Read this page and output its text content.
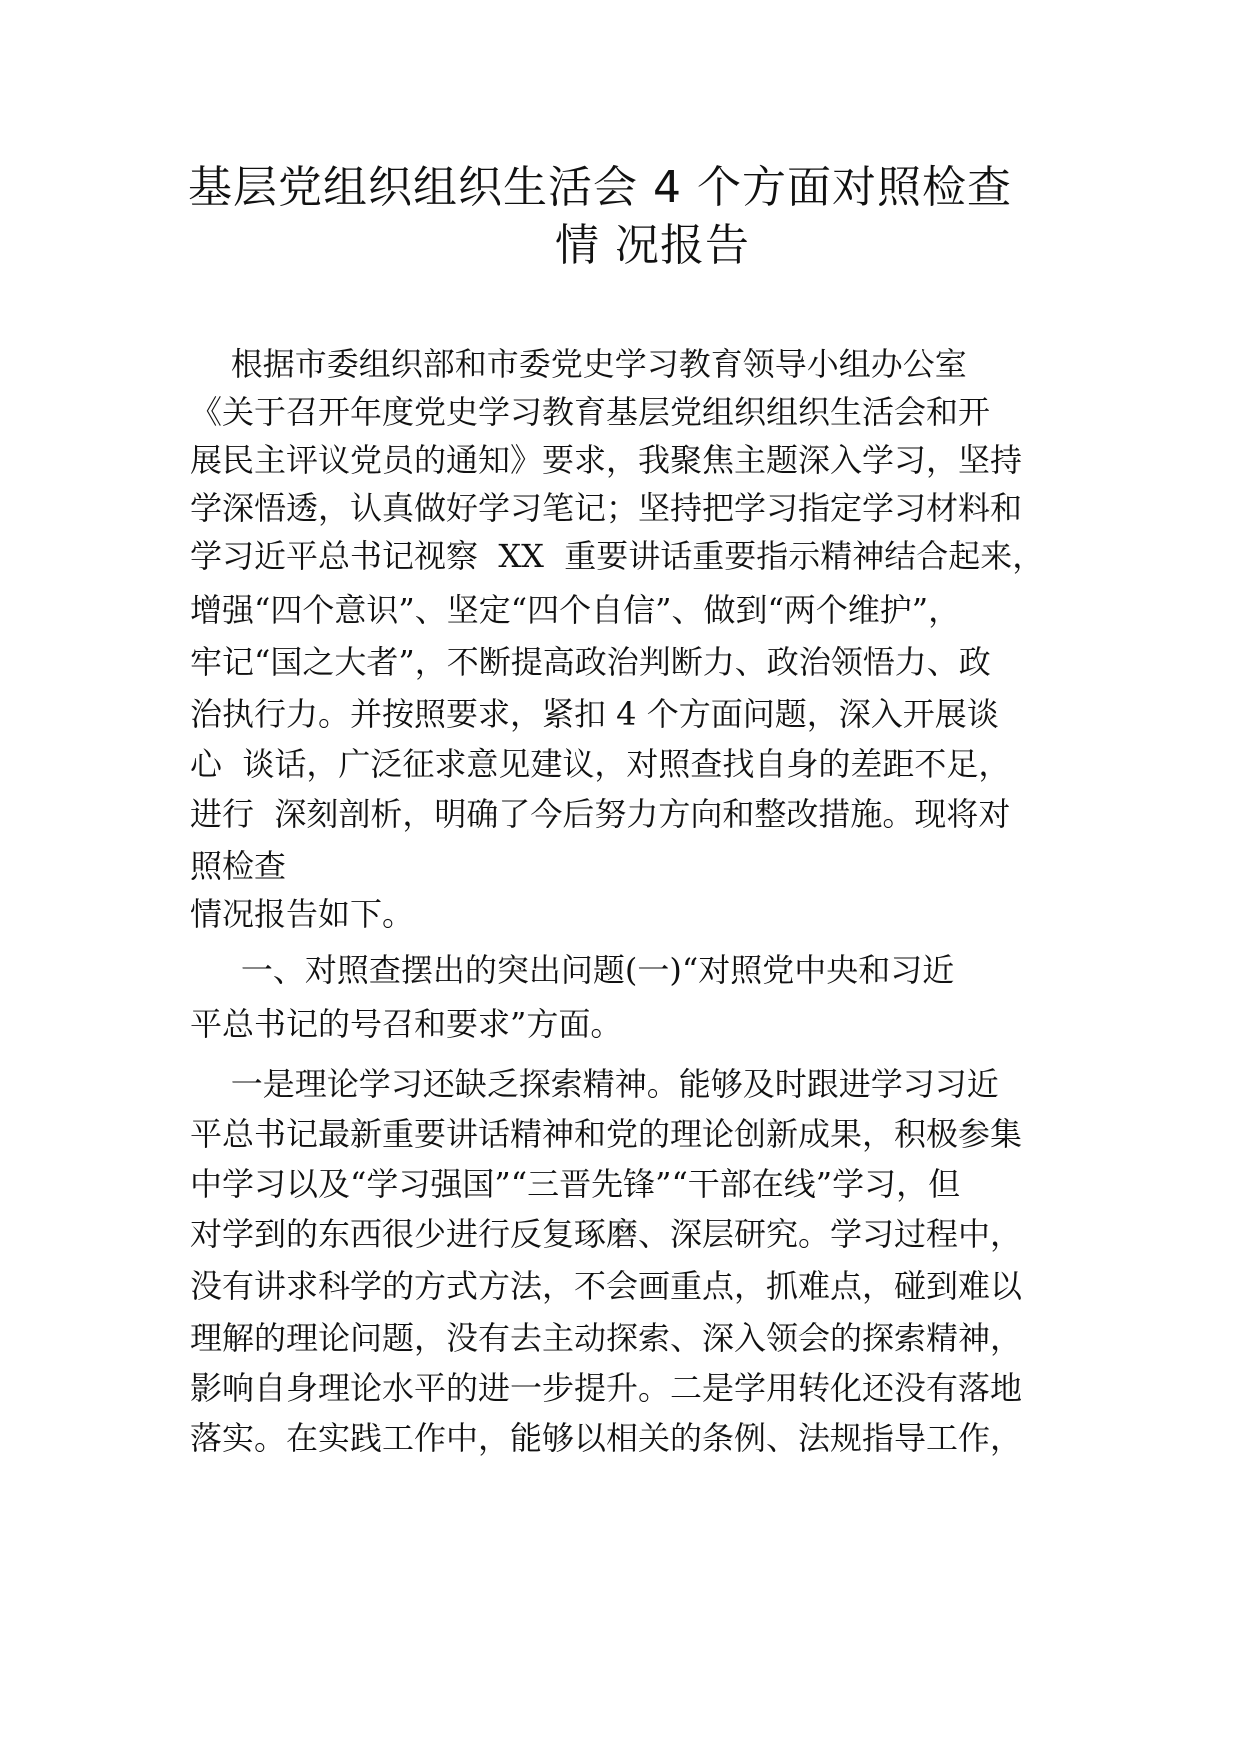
基层党组织组织生活会 4 个方面对照检查
情 况报告
根据市委组织部和市委党史学习教育领导小组办公室
《关于召开年度党史学习教育基层党组织组织生活会和开
展民主评议党员的通知》要求，我聚焦主题深入学习，坚持
学深悟透，认真做好学习笔记；坚持把学习指定学习材料和
学习近平总书记视察  XX  重要讲话重要指示精神结合起来，
增强“四个意识”、坚定“四个自信”、做到“两个维护”，
牢记“国之大者”，不断提高政治判断力、政治领悟力、政
治执行力。并按照要求，紧扣 4 个方面问题，深入开展谈
心  谈话，广泛征求意见建议，对照查找自身的差距不足，
进行  深刻剖析，明确了今后努力方向和整改措施。现将对
照检查
情况报告如下。
一、对照查摆出的突出问题(一)“对照党中央和习近
平总书记的号召和要求”方面。
一是理论学习还缺乏探索精神。能够及时跟进学习习近
平总书记最新重要讲话精神和党的理论创新成果，积极参集
中学习以及“学习强国”“三晋先锋”“干部在线”学习，但
对学到的东西很少进行反复琢磨、深层研究。学习过程中，
没有讲求科学的方式方法，不会画重点，抓难点，碰到难以
理解的理论问题，没有去主动探索、深入领会的探索精神，
影响自身理论水平的进一步提升。二是学用转化还没有落地
落实。在实践工作中，能够以相关的条例、法规指导工作，
